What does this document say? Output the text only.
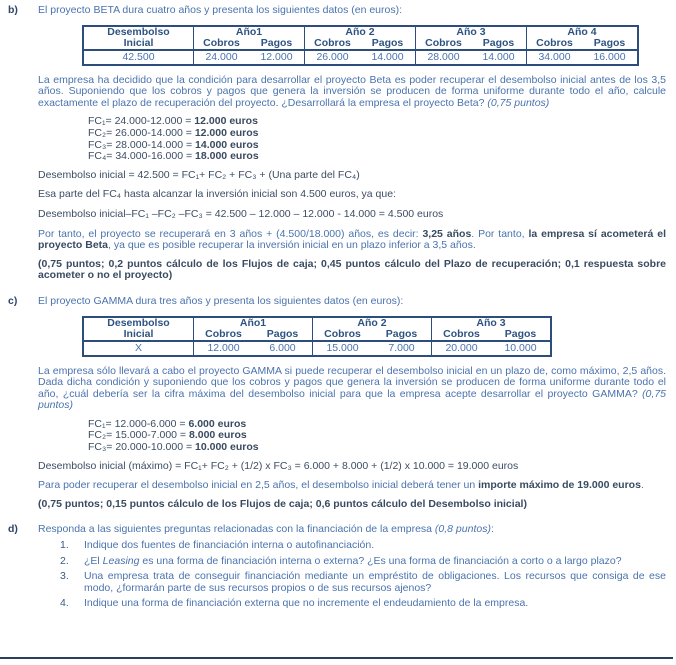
b)	El proyecto BETA dura cuatro años y presenta los siguientes datos (en euros):
Desembolso
Inicial	Año1		Año 2		Año 3		Año 4	
	Cobros	Pagos	Cobros	Pagos	Cobros	Pagos	Cobros	Pagos
42.500	24.000	12.000	26.000	14.000	28.000	14.000	34.000	16.000
La empresa ha decidido que la condición para desarrollar el proyecto Beta es poder recuperar el desembolso inicial antes de los 3,5 años. Suponiendo que los cobros y pagos que genera la inversión se producen de forma uniforme durante todo el año, calcule exactamente el plazo de recuperación del proyecto. ¿Desarrollará la empresa el proyecto Beta? (0,75 puntos)
FC₁= 24.000-12.000 = 12.000 euros
FC₂= 26.000-14.000 = 12.000 euros
FC₃= 28.000-14.000 = 14.000 euros
FC₄= 34.000-16.000 = 18.000 euros
Desembolso inicial = 42.500 = FC₁+ FC₂ + FC₃ + (Una parte del FC₄)
Esa parte del FC₄ hasta alcanzar la inversión inicial son 4.500 euros, ya que:
Desembolso inicial–FC₁ –FC₂ –FC₃ = 42.500 – 12.000 – 12.000 - 14.000 = 4.500 euros
Por tanto, el proyecto se recuperará en 3 años + (4.500/18.000) años, es decir: 3,25 años. Por tanto, la empresa sí acometerá el proyecto Beta, ya que es posible recuperar la inversión inicial en un plazo inferior a 3,5 años.
(0,75 puntos; 0,2 puntos cálculo de los Flujos de caja; 0,45 puntos cálculo del Plazo de recuperación; 0,1 respuesta sobre acometer o no el proyecto)
c)	El proyecto GAMMA dura tres años y presenta los siguientes datos (en euros):
Desembolso
Inicial	Año1		Año 2		Año 3	
	Cobros	Pagos	Cobros	Pagos	Cobros	Pagos
X	12.000	6.000	15.000	7.000	20.000	10.000
La empresa sólo llevará a cabo el proyecto GAMMA si puede recuperar el desembolso inicial en un plazo de, como máximo, 2,5 años. Dada dicha condición y suponiendo que los cobros y pagos que genera la inversión se producen de forma uniforme durante todo el año, ¿cuál debería ser la cifra máxima del desembolso inicial para que la empresa acepte desarrollar el proyecto GAMMA? (0,75 puntos)
FC₁= 12.000-6.000 = 6.000 euros
FC₂= 15.000-7.000 = 8.000 euros
FC₃= 20.000-10.000 = 10.000 euros
Desembolso inicial (máximo) = FC₁+ FC₂ + (1/2) x FC₃ = 6.000 + 8.000 + (1/2) x 10.000 = 19.000 euros
Para poder recuperar el desembolso inicial en 2,5 años, el desembolso inicial deberá tener un importe máximo de 19.000 euros.
(0,75 puntos; 0,15 puntos cálculo de los Flujos de caja; 0,6 puntos cálculo del Desembolso inicial)
d)	Responda a las siguientes preguntas relacionadas con la financiación de la empresa (0,8 puntos):
1.	Indique dos fuentes de financiación interna o autofinanciación.
2.	¿El Leasing es una forma de financiación interna o externa? ¿Es una forma de financiación a corto o a largo plazo?
3.	Una empresa trata de conseguir financiación mediante un empréstito de obligaciones. Los recursos que consiga de ese modo, ¿formarán parte de sus recursos propios o de sus recursos ajenos?
4.	Indique una forma de financiación externa que no incremente el endeudamiento de la empresa.
